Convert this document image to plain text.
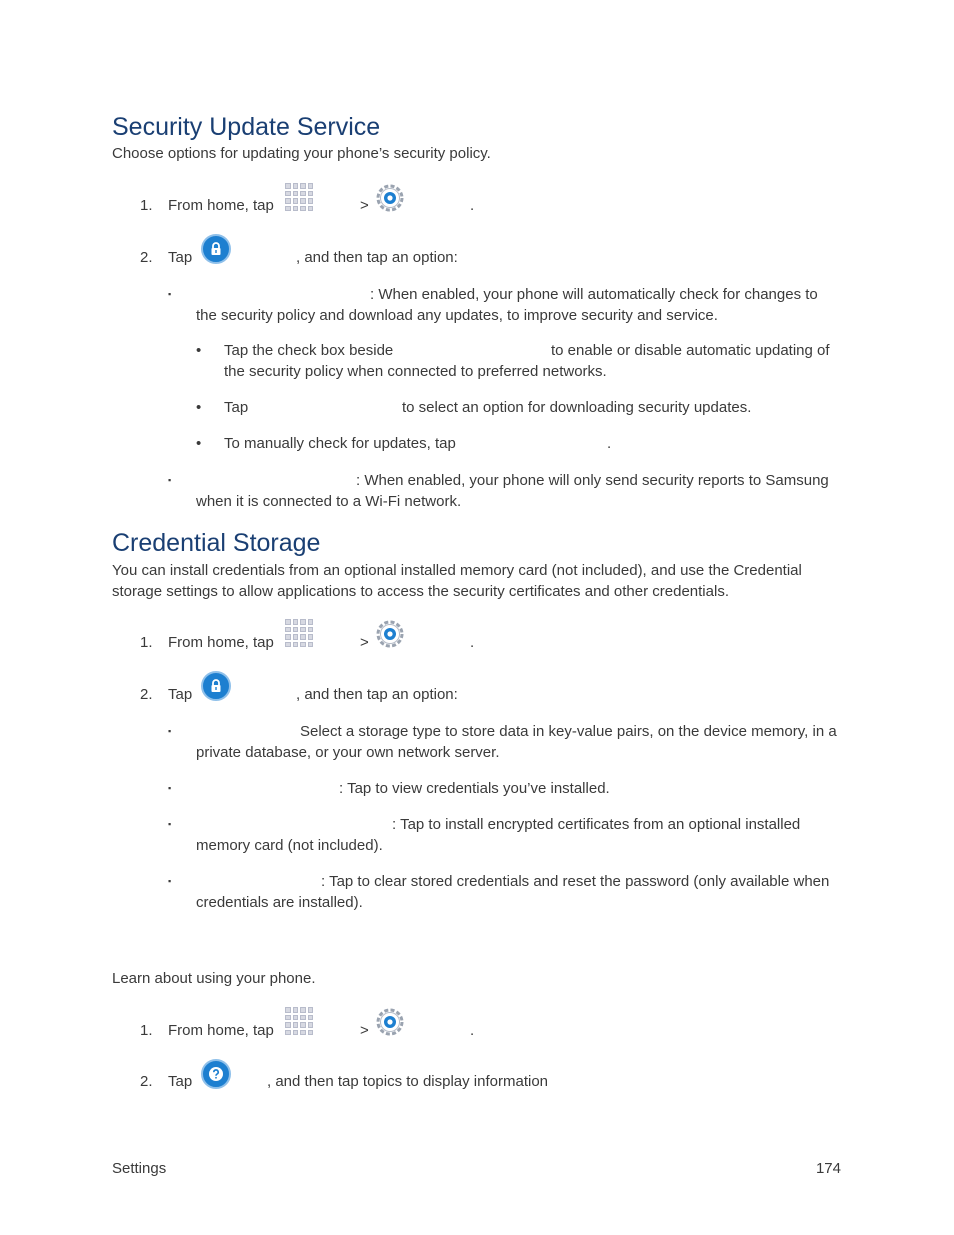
Security Update Service
Choose options for updating your phone’s security policy.
1. From home, tap	>	.
2. Tap	, and then tap an option:
▪	: When enabled, your phone will automatically check for changes to the security policy and download any updates, to improve security and service.
• Tap the check box beside	to enable or disable automatic updating of
the security policy when connected to preferred networks.
• Tap	to select an option for downloading security updates.
• To manually check for updates, tap	.
▪	: When enabled, your phone will only send security reports to Samsung when it is connected to a Wi-Fi network.
Credential Storage
You can install credentials from an optional installed memory card (not included), and use the Credential storage settings to allow applications to access the security certificates and other credentials.
1. From home, tap	>	.
2. Tap	, and then tap an option:
▪	Select a storage type to store data in key-value pairs, on the device memory, in a private database, or your own network server.
▪	: Tap to view credentials you’ve installed.
▪	: Tap to install encrypted certificates from an optional installed memory card (not included).
▪	: Tap to clear stored credentials and reset the password (only available when credentials are installed).
Learn about using your phone.
1. From home, tap	>	.
2. Tap	, and then tap topics to display information
Settings	174
